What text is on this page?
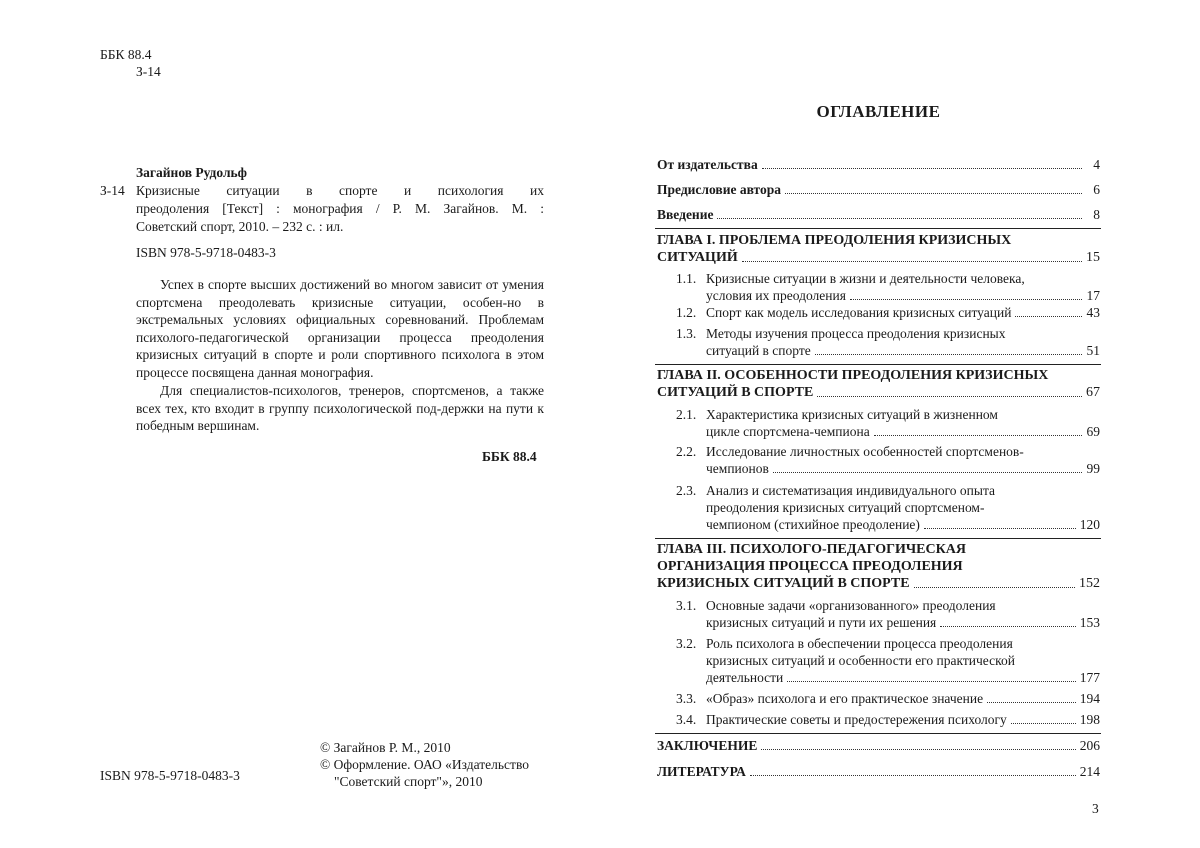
ББК 88.4
З-14
Загайнов Рудольф
З-14 Кризисные ситуации в спорте и психология их
преодоления [Текст] : монография / Р. М. Загайнов. М. :
Советский спорт, 2010. – 232 с. : ил.
ISBN 978-5-9718-0483-3
Успех в спорте высших достижений во многом зависит от умения спортсмена преодолевать кризисные ситуации, особен-но в экстремальных условиях официальных соревнований. Проблемам психолого-педагогической организации процесса преодоления кризисных ситуаций в спорте и роли спортивного психолога в этом процессе посвящена данная монография.
Для специалистов-психологов, тренеров, спортсменов, а также всех тех, кто входит в группу психологической под-держки на пути к победным вершинам.
ББК 88.4
© Загайнов Р. М., 2010
© Оформление. ОАО «Издательство
"Советский спорт"», 2010
ISBN 978-5-9718-0483-3
ОГЛАВЛЕНИЕ
От издательства	4
Предисловие автора	6
Введение	8
ГЛАВА I. ПРОБЛЕМА ПРЕОДОЛЕНИЯ КРИЗИСНЫХ
СИТУАЦИЙ	15
1.1. Кризисные ситуации в жизни и деятельности человека,
условия их преодоления	17
1.2. Спорт как модель исследования кризисных ситуаций	43
1.3. Методы изучения процесса преодоления кризисных
ситуаций в спорте	51
ГЛАВА II. ОСОБЕННОСТИ ПРЕОДОЛЕНИЯ КРИЗИСНЫХ
СИТУАЦИЙ В СПОРТЕ	67
2.1. Характеристика кризисных ситуаций в жизненном
цикле спортсмена-чемпиона	69
2.2. Исследование личностных особенностей спортсменов-
чемпионов	99
2.3. Анализ и систематизация индивидуального опыта
преодоления кризисных ситуаций спортсменом-
чемпионом (стихийное преодоление)	120
ГЛАВА III. ПСИХОЛОГО-ПЕДАГОГИЧЕСКАЯ
ОРГАНИЗАЦИЯ ПРОЦЕССА ПРЕОДОЛЕНИЯ
КРИЗИСНЫХ СИТУАЦИЙ В СПОРТЕ	152
3.1. Основные задачи «организованного» преодоления
кризисных ситуаций и пути их решения	153
3.2. Роль психолога в обеспечении процесса преодоления
кризисных ситуаций и особенности его практической
деятельности	177
3.3. «Образ» психолога и его практическое значение	194
3.4. Практические советы и предостережения психологу	198
ЗАКЛЮЧЕНИЕ	206
ЛИТЕРАТУРА	214
3
